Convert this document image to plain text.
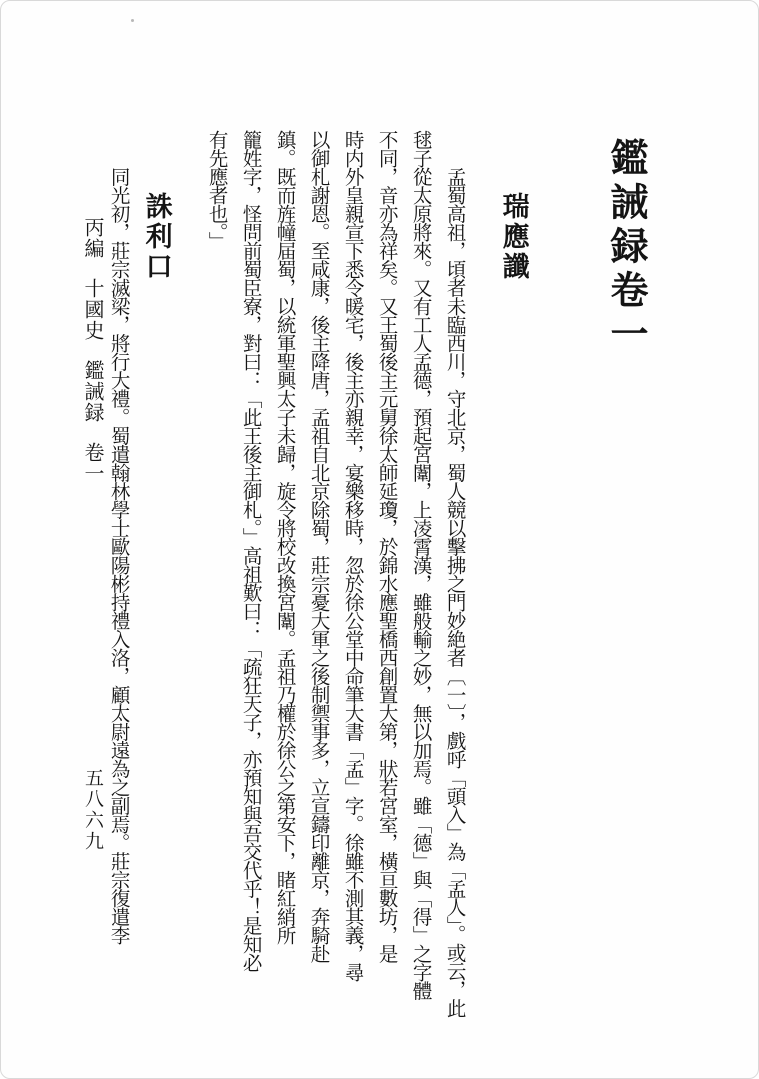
鑑誡録卷一
瑞應讖
孟蜀高祖，頃者未臨西川，守北京，蜀人競以擊拂之門妙絶者〔一〕，戲呼「頭入」為「孟人」。或云，此
毬子從太原將來。又有工人孟德，預起宮闈，上凌霄漢，雖般輸之妙，無以加焉。雖「德」與「得」之字體
不同，音亦為祥矣。又王蜀後主元舅徐太師延瓊，於錦水應聖橋西創置大第，狀若宮室，橫亘數坊，是
時内外皇親宣下悉令暖宅，後主亦親幸，宴樂移時，忽於徐公堂中命筆大書「孟」字。徐雖不測其義，尋
以御札謝恩。至咸康，後主降唐，孟祖自北京除蜀，莊宗憂大軍之後制禦事多，立宣鑄印離京，奔騎赴
鎮。既而旌幢届蜀，以統軍聖興太子未歸，旋令將校改換宮闈。孟祖乃權於徐公之第安下，睹紅綃所
籠姓字，怪問前蜀臣寮，對曰：「此王後主御札。」高祖歎曰：「疏狂天子，亦預知與吾交代乎！是知必
有先應者也。」
誅利口
同光初，莊宗滅梁，將行大禮。蜀遣翰林學士歐陽彬持禮入洛，顧太尉遠為之副焉。莊宗復遣李
丙編 十國史 鑑誡録 卷一
五八六九
